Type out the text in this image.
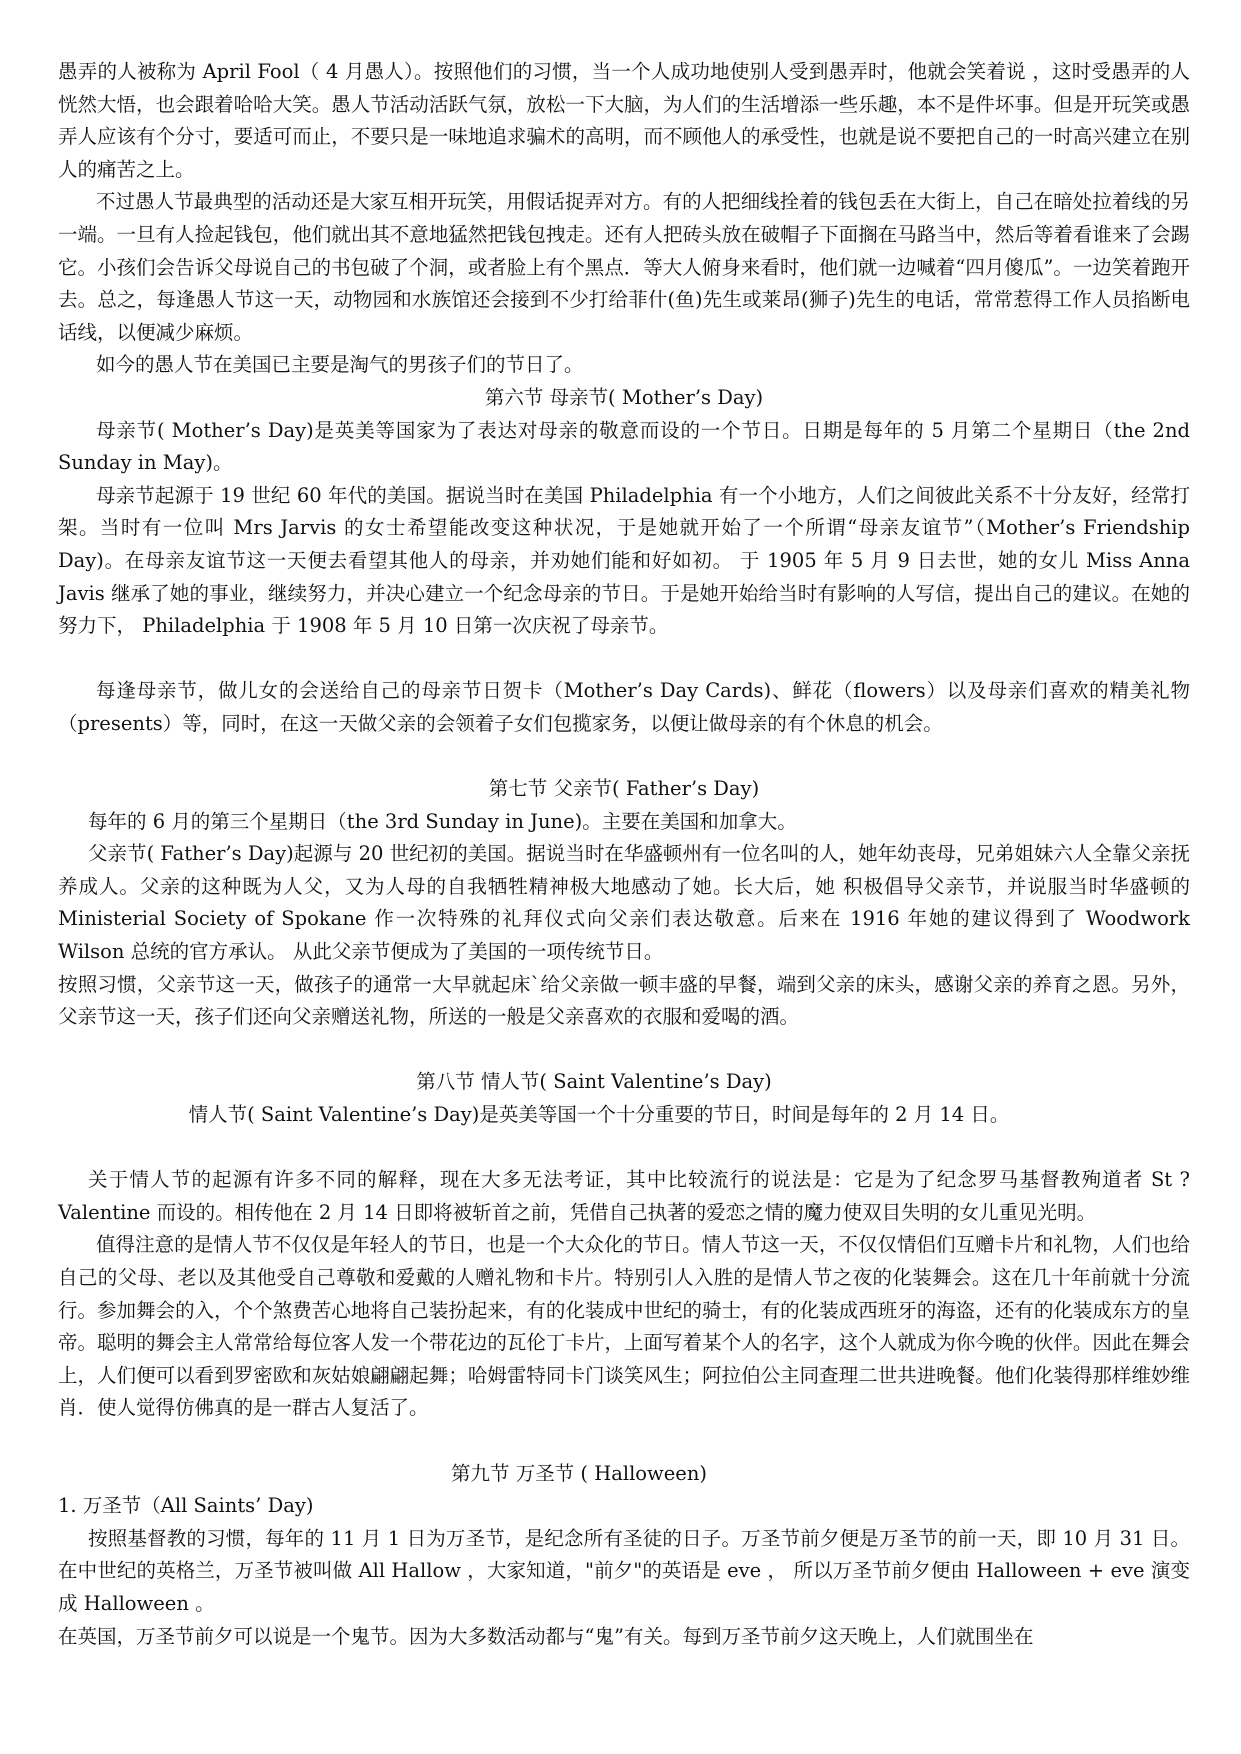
愚弄的人被称为 April Fool（ 4 月愚人）。按照他们的习惯，当一个人成功地使别人受到愚弄时，他就会笑着说 ，这时受愚弄的人恍然大悟，也会跟着哈哈大笑。愚人节活动活跃气氛，放松一下大脑，为人们的生活增添一些乐趣，本不是件坏事。但是开玩笑或愚弄人应该有个分寸，要适可而止，不要只是一味地追求骗术的高明，而不顾他人的承受性，也就是说不要把自己的一时高兴建立在别人的痛苦之上。

不过愚人节最典型的活动还是大家互相开玩笑，用假话捉弄对方。有的人把细线拴着的钱包丢在大街上，自己在暗处拉着线的另一端。一旦有人捡起钱包，他们就出其不意地猛然把钱包拽走。还有人把砖头放在破帽子下面搁在马路当中，然后等着看谁来了会踢它。小孩们会告诉父母说自己的书包破了个洞，或者脸上有个黑点．等大人俯身来看时，他们就一边喊着“四月傻瓜”。一边笑着跑开去。总之，每逢愚人节这一天，动物园和水族馆还会接到不少打给菲什(鱼)先生或莱昂(狮子)先生的电话，常常惹得工作人员掐断电话线，以便减少麻烦。

如今的愚人节在美国已主要是淘气的男孩子们的节日了。

第六节 母亲节( Mother’s Day)

母亲节( Mother’s Day)是英美等国家为了表达对母亲的敬意而设的一个节日。日期是每年的 5 月第二个星期日（the 2nd Sunday in May)。

母亲节起源于 19 世纪 60 年代的美国。据说当时在美国 Philadelphia 有一个小地方，人们之间彼此关系不十分友好，经常打架。当时有一位叫 Mrs Jarvis 的女士希望能改变这种状况，于是她就开始了一个所谓“母亲友谊节”（Mother’s Friendship Day)。在母亲友谊节这一天便去看望其他人的母亲，并劝她们能和好如初。 于 1905 年 5 月 9 日去世，她的女儿 Miss Anna Javis 继承了她的事业，继续努力，并决心建立一个纪念母亲的节日。于是她开始给当时有影响的人写信，提出自己的建议。在她的努力下， Philadelphia 于 1908 年 5 月 10 日第一次庆祝了母亲节。

每逢母亲节，做儿女的会送给自己的母亲节日贺卡（Mother’s Day Cards)、鲜花（flowers）以及母亲们喜欢的精美礼物（presents）等，同时，在这一天做父亲的会领着子女们包揽家务，以便让做母亲的有个休息的机会。

第七节 父亲节( Father’s Day)

每年的 6 月的第三个星期日（the 3rd Sunday in June)。主要在美国和加拿大。

父亲节( Father’s Day)起源与 20 世纪初的美国。据说当时在华盛顿州有一位名叫的人，她年幼丧母，兄弟姐妹六人全靠父亲抚养成人。父亲的这种既为人父，又为人母的自我牺牲精神极大地感动了她。长大后，她 积极倡导父亲节，并说服当时华盛顿的 Ministerial Society of Spokane 作一次特殊的礼拜仪式向父亲们表达敬意。后来在 1916 年她的建议得到了 Woodwork Wilson 总统的官方承认。 从此父亲节便成为了美国的一项传统节日。

按照习惯，父亲节这一天，做孩子的通常一大早就起床`给父亲做一顿丰盛的早餐，端到父亲的床头，感谢父亲的养育之恩。另外，父亲节这一天，孩子们还向父亲赠送礼物，所送的一般是父亲喜欢的衣服和爱喝的酒。

第八节 情人节( Saint Valentine’s Day)

情人节( Saint Valentine’s Day)是英美等国一个十分重要的节日，时间是每年的 2 月 14 日。

关于情人节的起源有许多不同的解释，现在大多无法考证，其中比较流行的说法是：它是为了纪念罗马基督教殉道者 St ?Valentine 而设的。相传他在 2 月 14 日即将被斩首之前，凭借自己执著的爱恋之情的魔力使双目失明的女儿重见光明。

值得注意的是情人节不仅仅是年轻人的节日，也是一个大众化的节日。情人节这一天，不仅仅情侣们互赠卡片和礼物，人们也给自己的父母、老以及其他受自己尊敬和爱戴的人赠礼物和卡片。特别引人入胜的是情人节之夜的化装舞会。这在几十年前就十分流行。参加舞会的入，个个煞费苦心地将自己装扮起来，有的化装成中世纪的骑士，有的化装成西班牙的海盗，还有的化装成东方的皇帝。聪明的舞会主人常常给每位客人发一个带花边的瓦伦丁卡片，上面写着某个人的名字，这个人就成为你今晚的伙伴。因此在舞会上，人们便可以看到罗密欧和灰姑娘翩翩起舞；哈姆雷特同卡门谈笑风生；阿拉伯公主同查理二世共进晚餐。他们化装得那样维妙维肖．使人觉得仿佛真的是一群古人复活了。

第九节 万圣节 ( Halloween)

1. 万圣节（All Saints’ Day)

按照基督教的习惯，每年的 11 月 1 日为万圣节，是纪念所有圣徒的日子。万圣节前夕便是万圣节的前一天，即 10 月 31 日。在中世纪的英格兰，万圣节被叫做 All Hallow ，大家知道，"前夕"的英语是 eve ， 所以万圣节前夕便由 Halloween + eve 演变成 Halloween 。

在英国，万圣节前夕可以说是一个鬼节。因为大多数活动都与“鬼”有关。每到万圣节前夕这天晚上，人们就围坐在
